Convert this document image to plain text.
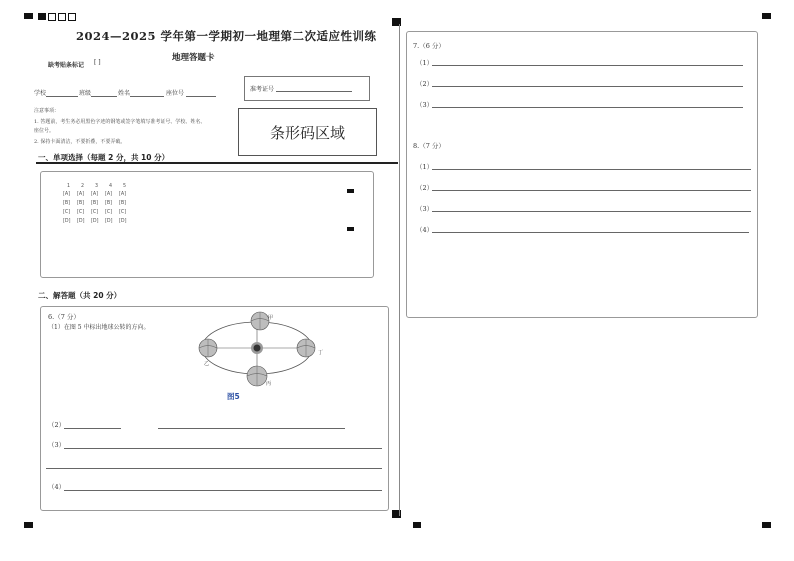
2024—2025 学年第一学期初一地理第二次适应性训练
地理答题卡
缺考贴条标记 [ ]
学校	班级	姓名	座位号
准考证号
条形码区域
注意事项：
1. 答题前，考生务必用黑色字迹的钢笔或签字笔填写准考证号、学校、姓名、
座位号。
2. 保持卡面清洁，不要折叠，不要弄破。
一、单项选择（每题 2 分，共 10 分）
1 2 3 4 5
[A] [A] [A] [A] [A]
[B] [B] [B] [B] [B]
[C] [C] [C] [C] [C]
[D] [D] [D] [D] [D]
二、解答题（共 20 分）
6.（7 分）
（1）在图 5 中标出地球公转的方向。
甲
乙
丙
丁
图5
（2）
（3）
（4）
7.（6 分）
（1）
（2）
（3）
8.（7 分）
（1）
（2）
（3）
（4）
